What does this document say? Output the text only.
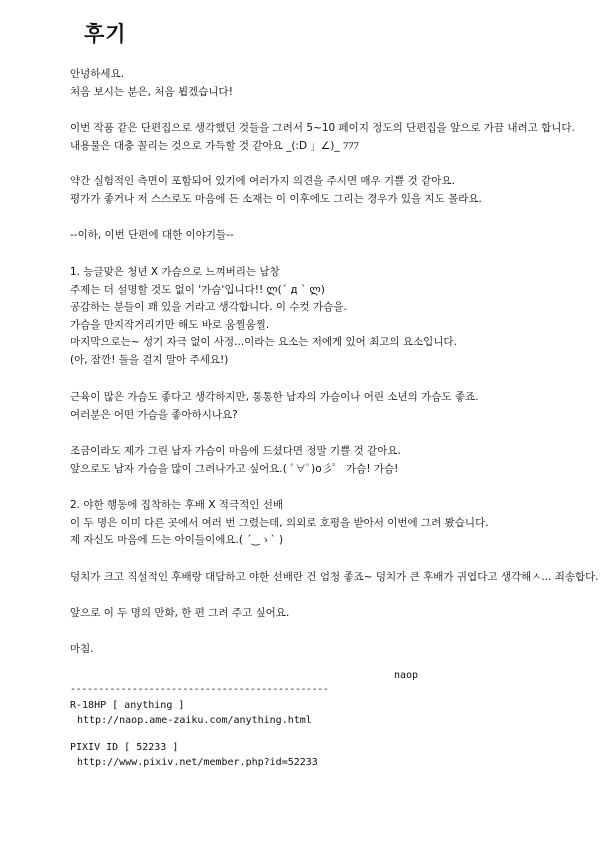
후기
안녕하세요.
처음 보시는 분은, 처음 뵙겠습니다!
이번 작품 같은 단편집으로 생각했던 것들을 그려서 5~10 페이지 정도의 단편집을 앞으로 가끔 내려고 합니다.
내용물은 대충 꼴리는 것으로 가득할 것 같아요 _(:D 」∠)_ ﾌﾌﾌ
약간 실험적인 측면이 포함되어 있기에 여러가지 의견을 주시면 매우 기쁠 것 같아요.
평가가 좋거나 저 스스로도 마음에 든 소재는 이 이후에도 그리는 경우가 있을 지도 몰라요.
--이하, 이번 단편에 대한 이야기들--
1. 능글맞은 청년 X 가슴으로 느껴버리는 남창
주제는 더 설명할 것도 없이 '가슴'입니다!! ლ(´ д ` ლ)
공감하는 분들이 꽤 있을 거라고 생각합니다. 이 수컷 가슴을.
가슴을 만지작거리기만 해도 바로 움찔움찔.
마지막으로는~ 성기 자극 없이 사정...이라는 요소는 저에게 있어 최고의 요소입니다.
(아, 잠깐! 돌을 걸지 말아 주세요!)
근육이 많은 가슴도 좋다고 생각하지만, 통통한 남자의 가슴이나 어린 소년의 가슴도 좋죠.
여러분은 어떤 가슴을 좋아하시나요?
조금이라도 제가 그린 남자 가슴이 마음에 드셨다면 정말 기쁠 것 같아요.
앞으로도 남자 가슴을 많이 그려나가고 싶어요.( ﾟ∀ﾟ)o彡゜ 가슴! 가슴!
2. 야한 행동에 집착하는 후배 X 적극적인 선배
이 두 명은 이미 다른 곳에서 여러 번 그렸는데, 의외로 호평을 받아서 이번에 그려 봤습니다.
제 자신도 마음에 드는 아이들이에요.( ´‿ゝ` )
덩치가 크고 직설적인 후배랑 대담하고 야한 선배란 건 엄청 좋죠~ 덩치가 큰 후배가 귀엽다고 생각해ㅅ... 죄송합다.
앞으로 이 두 명의 만화, 한 편 그려 주고 싶어요.
마침.
naop
----------------------------------------------
R-18HP [ anything ]
http://naop.ame-zaiku.com/anything.html
PIXIV ID [ 52233 ]
http://www.pixiv.net/member.php?id=52233
